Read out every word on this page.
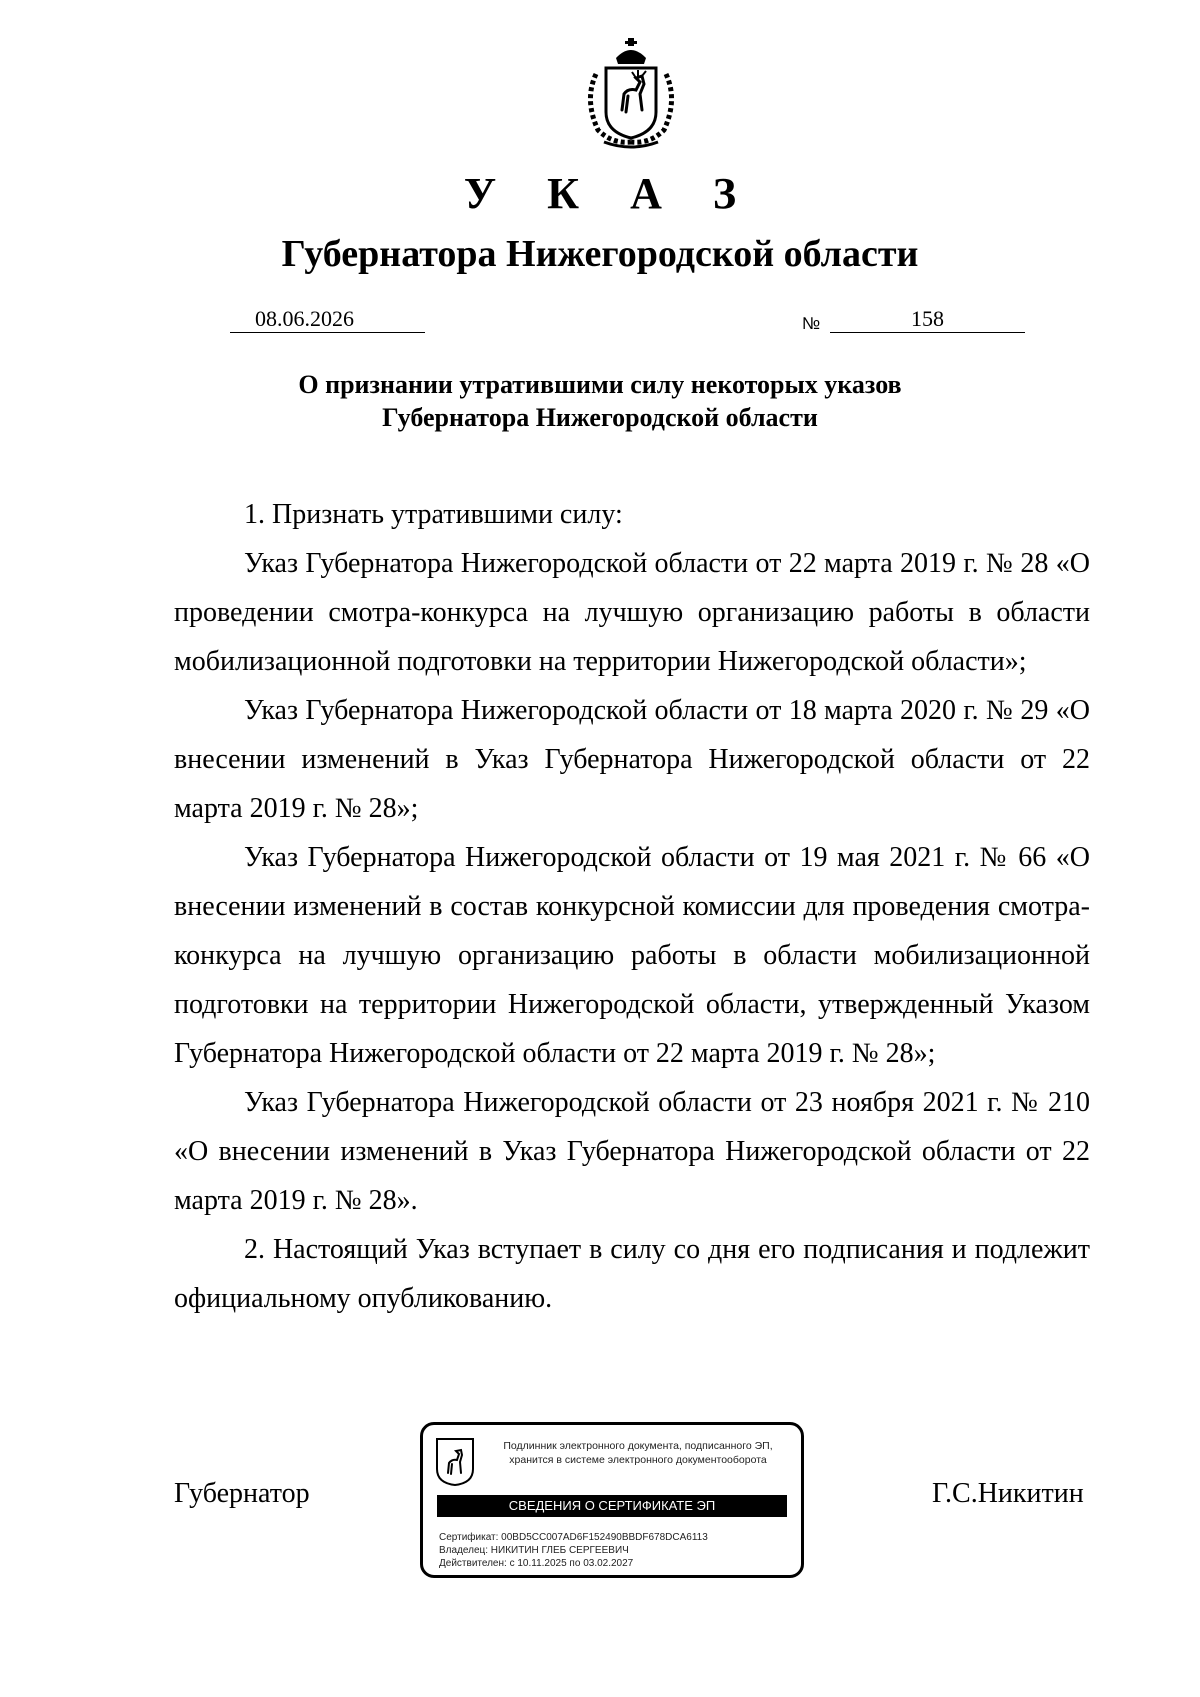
У К А З
Губернатора Нижегородской области
08.06.2026	№	158
О признании утратившими силу некоторых указов
Губернатора Нижегородской области

1. Признать утратившими силу:

Указ Губернатора Нижегородской области от 22 марта 2019 г. № 28 «О проведении смотра-конкурса на лучшую организацию работы в области мобилизационной подготовки на территории Нижегородской области»;

Указ Губернатора Нижегородской области от 18 марта 2020 г. № 29 «О внесении изменений в Указ Губернатора Нижегородской области от 22 марта 2019 г. № 28»;

Указ Губернатора Нижегородской области от 19 мая 2021 г. № 66 «О внесении изменений в состав конкурсной комиссии для проведения смотра-конкурса на лучшую организацию работы в области мобилизационной подготовки на территории Нижегородской области, утвержденный Указом Губернатора Нижегородской области от 22 марта 2019 г. № 28»;

Указ Губернатора Нижегородской области от 23 ноября 2021 г. № 210 «О внесении изменений в Указ Губернатора Нижегородской области от 22 марта 2019 г. № 28».

2. Настоящий Указ вступает в силу со дня его подписания и подлежит официальному опубликованию.

Губернатор	Г.С.Никитин
Подлинник электронного документа, подписанного ЭП,
хранится в системе электронного документооборота
СВЕДЕНИЯ О СЕРТИФИКАТЕ ЭП
Сертификат: 00BD5CC007AD6F152490BBDF678DCA6113
Владелец: НИКИТИН ГЛЕБ СЕРГЕЕВИЧ
Действителен: с 10.11.2025 по 03.02.2027
